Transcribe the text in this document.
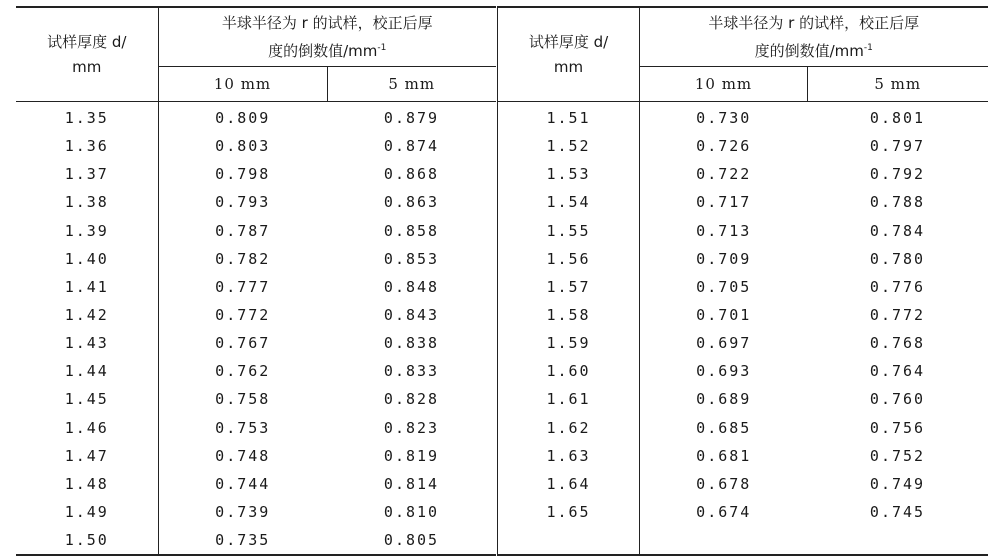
试样厚度 d/
mm	半球半径为 r 的试样，校正后厚
度的倒数值$/mm^{-1}$
	10 mm	5 mm
1.35	0.809	0.879
1.36	0.803	0.874
1.37	0.798	0.868
1.38	0.793	0.863
1.39	0.787	0.858
1.40	0.782	0.853
1.41	0.777	0.848
1.42	0.772	0.843
1.43	0.767	0.838
1.44	0.762	0.833
1.45	0.758	0.828
1.46	0.753	0.823
1.47	0.748	0.819
1.48	0.744	0.814
1.49	0.739	0.810
1.50	0.735	0.805
试样厚度 d/
mm	半球半径为 r 的试样，校正后厚
度的倒数值$/mm^{-1}$
	10 mm	5 mm
1.51	0.730	0.801
1.52	0.726	0.797
1.53	0.722	0.792
1.54	0.717	0.788
1.55	0.713	0.784
1.56	0.709	0.780
1.57	0.705	0.776
1.58	0.701	0.772
1.59	0.697	0.768
1.60	0.693	0.764
1.61	0.689	0.760
1.62	0.685	0.756
1.63	0.681	0.752
1.64	0.678	0.749
1.65	0.674	0.745
